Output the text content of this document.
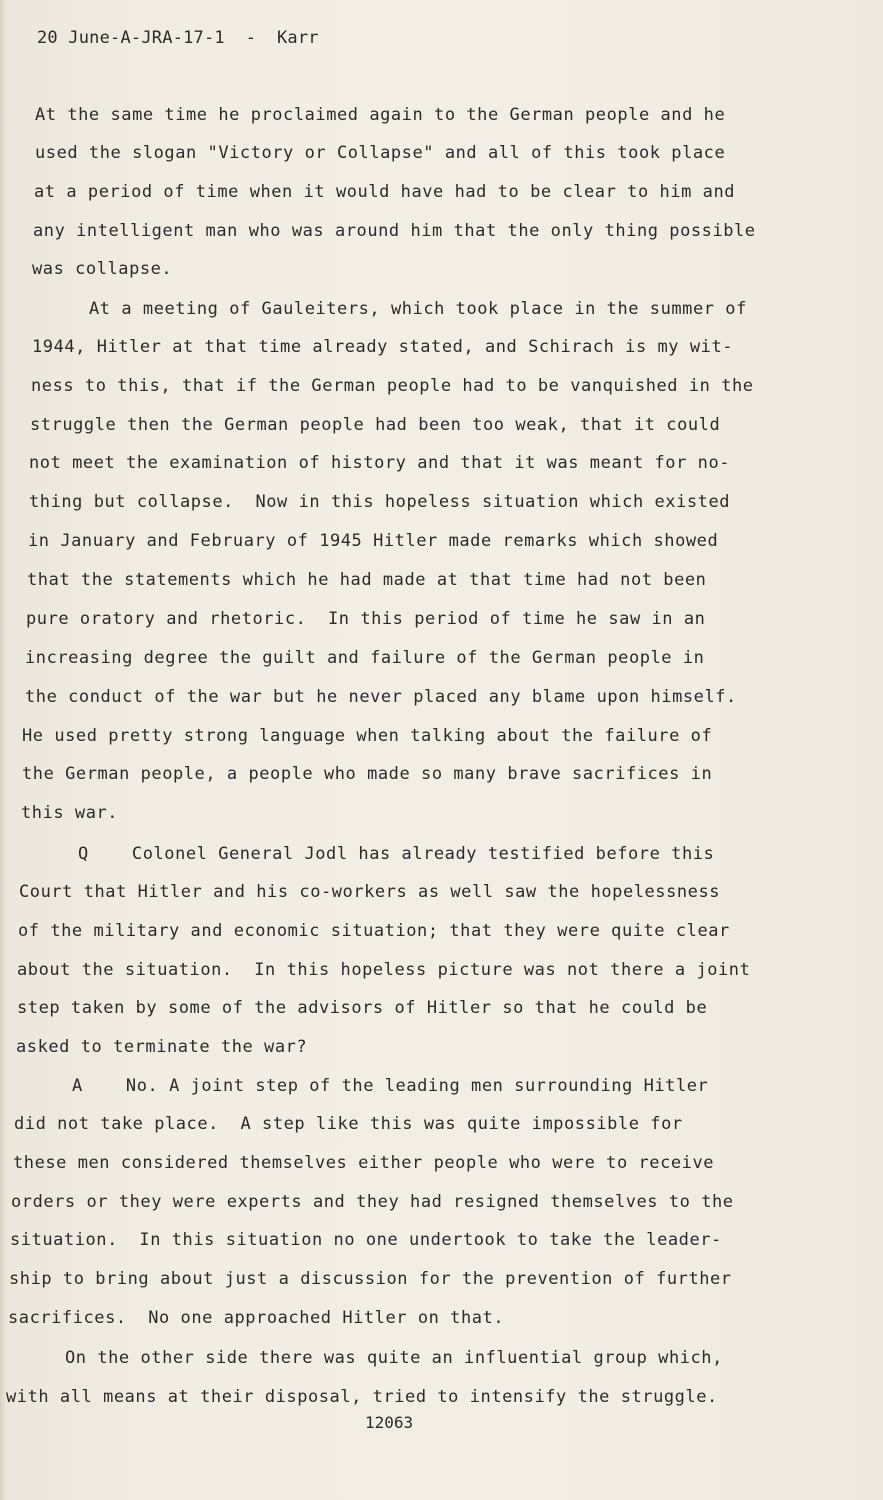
20 June-A-JRA-17-1  -  Karr
At the same time he proclaimed again to the German people and he
used the slogan "Victory or Collapse" and all of this took place
at a period of time when it would have had to be clear to him and
any intelligent man who was around him that the only thing possible
was collapse.
At a meeting of Gauleiters, which took place in the summer of
1944, Hitler at that time already stated, and Schirach is my wit-
ness to this, that if the German people had to be vanquished in the
struggle then the German people had been too weak, that it could
not meet the examination of history and that it was meant for no-
thing but collapse.  Now in this hopeless situation which existed
in January and February of 1945 Hitler made remarks which showed
that the statements which he had made at that time had not been
pure oratory and rhetoric.  In this period of time he saw in an
increasing degree the guilt and failure of the German people in
the conduct of the war but he never placed any blame upon himself.
He used pretty strong language when talking about the failure of
the German people, a people who made so many brave sacrifices in
this war.
Q    Colonel General Jodl has already testified before this
Court that Hitler and his co-workers as well saw the hopelessness
of the military and economic situation; that they were quite clear
about the situation.  In this hopeless picture was not there a joint
step taken by some of the advisors of Hitler so that he could be
asked to terminate the war?
A    No. A joint step of the leading men surrounding Hitler
did not take place.  A step like this was quite impossible for
these men considered themselves either people who were to receive
orders or they were experts and they had resigned themselves to the
situation.  In this situation no one undertook to take the leader-
ship to bring about just a discussion for the prevention of further
sacrifices.  No one approached Hitler on that.
On the other side there was quite an influential group which,
with all means at their disposal, tried to intensify the struggle.
12063
